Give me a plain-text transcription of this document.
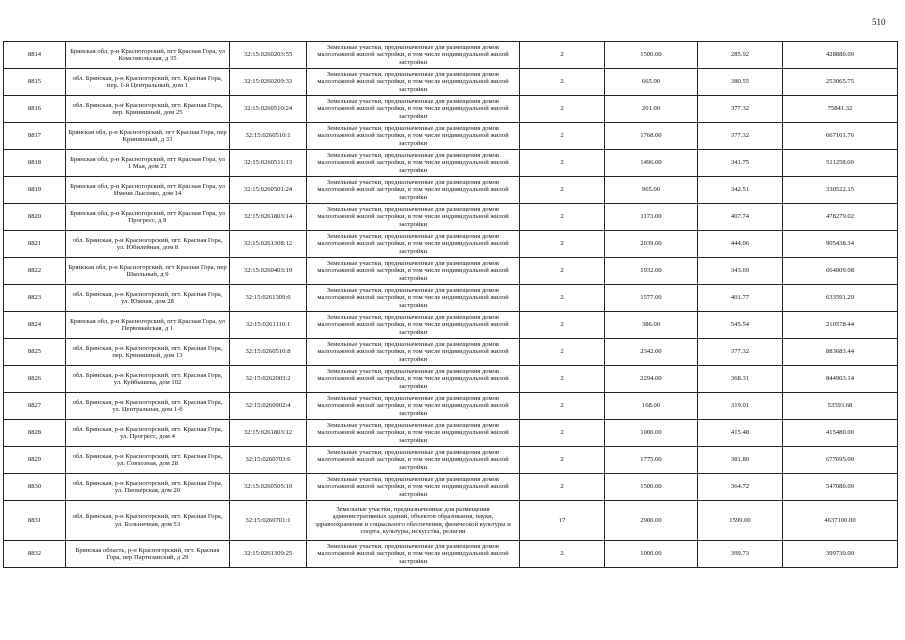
510
8814	Брянская обл, р-н Красногорский, пгт Красная Гора, ул Комсомольская, д 35	32:15:0260203:55	Земельные участки, предназначенные для размещения домов малоэтажной жилой застройки, в том числе индивидуальной жилой застройки	2	1500.00	285.92	428880.00
8815	обл. Брянская, р-н Красногорский, пгт. Красная Гора, пер. 1-й Центральный, дом 1	32:15:0260209:33	Земельные участки, предназначенные для размещения домов малоэтажной жилой застройки, в том числе индивидуальной жилой застройки	2	665.00	380.55	253065.75
8816	обл. Брянская, р-н Красногорский, пгт. Красная Гора, пер. Кринишный, дом 25	32:15:0260510:24	Земельные участки, предназначенные для размещения домов малоэтажной жилой застройки, в том числе индивидуальной жилой застройки	2	201.00	377.32	75841.32
8817	Брянская обл, р-н Красногорский, пгт Красная Гора, пер Кринишный, д 33	32:15:0260510:1	Земельные участки, предназначенные для размещения домов малоэтажной жилой застройки, в том числе индивидуальной жилой застройки	2	1768.00	377.32	667101.76
8818	Брянская обл, р-н Красногорский, пгт Красная Гора, ул 1 Мая, дом 21	32:15:0260511:13	Земельные участки, предназначенные для размещения домов малоэтажной жилой застройки, в том числе индивидуальной жилой застройки	2	1496.00	341.75	511258.00
8819	Брянская обл, р-н Красногорский, пгт Красная Гора, ул Имени Лысенко, дом 14	32:15:0260501:24	Земельные участки, предназначенные для размещения домов малоэтажной жилой застройки, в том числе индивидуальной жилой застройки	2	965.00	342.51	330522.15
8820	Брянская обл, р-н Красногорский, пгт Красная Гора, ул Прогресс, д 8	32:15:0261803:14	Земельные участки, предназначенные для размещения домов малоэтажной жилой застройки, в том числе индивидуальной жилой застройки	2	1173.00	407.74	478279.02
8821	обл. Брянская, р-н Красногорский, пгт. Красная Гора, ул. Юбилейная, дом 8	32:15:0261308:12	Земельные участки, предназначенные для размещения домов малоэтажной жилой застройки, в том числе индивидуальной жилой застройки	2	2039.00	444.06	905438.34
8822	Брянская обл, р-н Красногорский, пгт Красная Гора, пер Школьный, д 9	32:15:0260403:19	Земельные участки, предназначенные для размещения домов малоэтажной жилой застройки, в том числе индивидуальной жилой застройки	2	1932.00	343.69	664009.08
8823	обл. Брянская, р-н Красногорский, пгт. Красная Гора, ул. Южная, дом 28	32:15:0261309:6	Земельные участки, предназначенные для размещения домов малоэтажной жилой застройки, в том числе индивидуальной жилой застройки	2	1577.00	401.77	633591.29
8824	Брянская обл, р-н Красногорский, пгт Красная Гора, ул Первомайская, д 1	32:15:0261110:1	Земельные участки, предназначенные для размещения домов малоэтажной жилой застройки, в том числе индивидуальной жилой застройки	2	386.00	545.54	210578.44
8825	обл. Брянская, р-н Красногорский, пгт. Красная Гора, пер. Кринишный, дом 13	32:15:0260510:8	Земельные участки, предназначенные для размещения домов малоэтажной жилой застройки, в том числе индивидуальной жилой застройки	2	2342.00	377.32	883683.44
8826	обл. Брянская, р-н Красногорский, пгт. Красная Гора, ул. Куйбышева, дом 102	32:15:0262003:2	Земельные участки, предназначенные для размещения домов малоэтажной жилой застройки, в том числе индивидуальной жилой застройки	2	2294.00	368.31	844903.14
8827	обл. Брянская, р-н Красногорский, пгт. Красная Гора, ул. Центральная, дом 1-б	32:15:0260902:4	Земельные участки, предназначенные для размещения домов малоэтажной жилой застройки, в том числе индивидуальной жилой застройки	2	168.00	319.01	53593.68
8828	обл. Брянская, р-н Красногорский, пгт. Красная Гора, ул. Прогресс, дом 4	32:15:0261803:12	Земельные участки, предназначенные для размещения домов малоэтажной жилой застройки, в том числе индивидуальной жилой застройки	2	1000.00	415.48	415480.00
8829	обл. Брянская, р-н Красногорский, пгт. Красная Гора, ул. Совхозная, дом 28	32:15:0260703:6	Земельные участки, предназначенные для размещения домов малоэтажной жилой застройки, в том числе индивидуальной жилой застройки	2	1775.00	381.80	677695.00
8830	обл. Брянская, р-н Красногорский, пгт. Красная Гора, ул. Пионерская, дом 20	32:15:0260505:10	Земельные участки, предназначенные для размещения домов малоэтажной жилой застройки, в том числе индивидуальной жилой застройки	2	1500.00	364.72	547080.00
8831	обл. Брянская, р-н Красногорский, пгт. Красная Гора, ул. Больничная, дом 53	32:15:0260701:1	Земельные участки, предназначенные для размещения административных зданий, объектов образования, науки, здравоохранения и социального обеспечения, физической культуры и спорта, культуры, искусства, религии	17	2900.00	1599.00	4637100.00
8832	Брянская область, р-н Красногорский, пгт. Красная Гора, пер Партизанский, д 29	32:15:0261309:25	Земельные участки, предназначенные для размещения домов малоэтажной жилой застройки, в том числе индивидуальной жилой застройки	2	1000.00	399.73	399730.00
